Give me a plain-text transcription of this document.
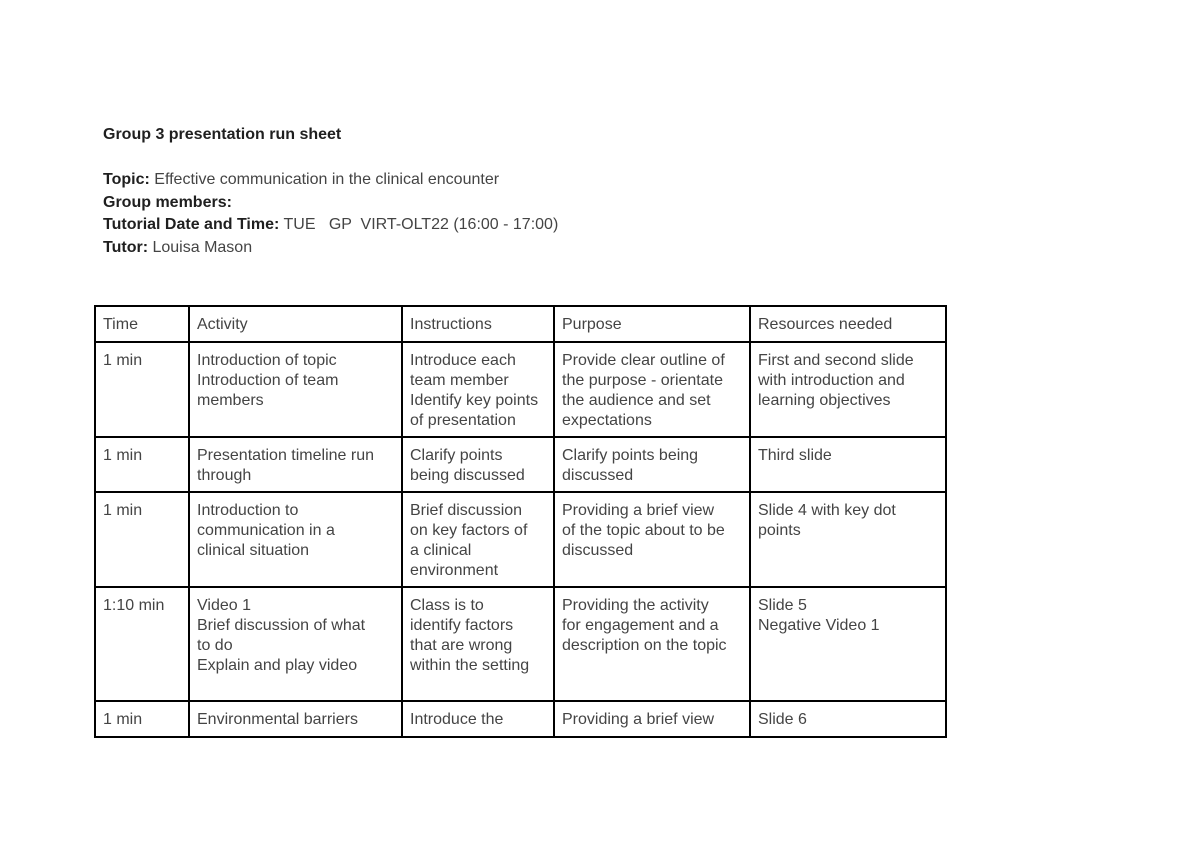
Group 3 presentation run sheet
Topic: Effective communication in the clinical encounter
Group members:
Tutorial Date and Time: TUE   GP  VIRT-OLT22 (16:00 - 17:00)
Tutor: Louisa Mason
Time	Activity	Instructions	Purpose	Resources needed

1 min	Introduction of topic
Introduction of team
members	Introduce each
team member
Identify key points
of presentation	Provide clear outline of
the purpose - orientate
the audience and set
expectations	First and second slide
with introduction and
learning objectives

1 min	Presentation timeline run
through	Clarify points
being discussed	Clarify points being
discussed	Third slide

1 min	Introduction to
communication in a
clinical situation	Brief discussion
on key factors of
a clinical
environment	Providing a brief view
of the topic about to be
discussed	Slide 4 with key dot
points

1:10 min	Video 1
Brief discussion of what
to do
Explain and play video	Class is to
identify factors
that are wrong
within the setting	Providing the activity
for engagement and a
description on the topic	Slide 5
Negative Video 1

1 min	Environmental barriers	Introduce the	Providing a brief view	Slide 6
